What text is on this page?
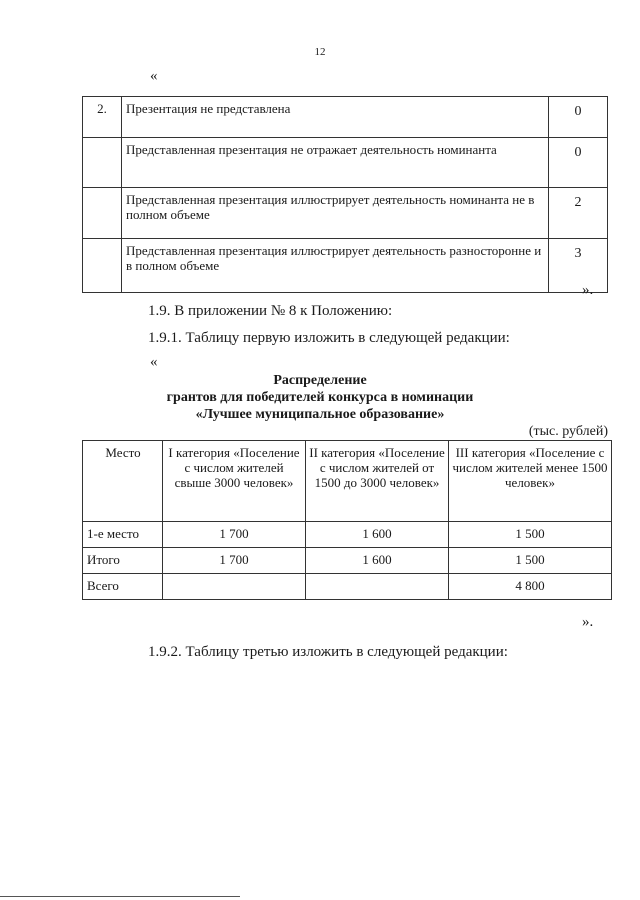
12
«
2.	Презентация не представлена	0
	Представленная презентация не отражает деятельность номинанта	0
	Представленная презентация иллюстрирует деятельность номинанта не в полном объеме	2
	Представленная презентация иллюстрирует деятельность разносторонне и в полном объеме	3
».
1.9. В приложении № 8 к Положению:
1.9.1. Таблицу первую изложить в следующей редакции:
«
Распределение
грантов для победителей конкурса в номинации
«Лучшее муниципальное образование»
(тыс. рублей)
Место	I категория «Поселение с числом жителей свыше 3000 человек»	II категория «Поселение с числом жителей от 1500 до 3000 человек»	III категория «Поселение с числом жителей менее 1500 человек»
1-е место	1 700	1 600	1 500
Итого	1 700	1 600	1 500
Всего			4 800
».
1.9.2. Таблицу третью изложить в следующей редакции:
